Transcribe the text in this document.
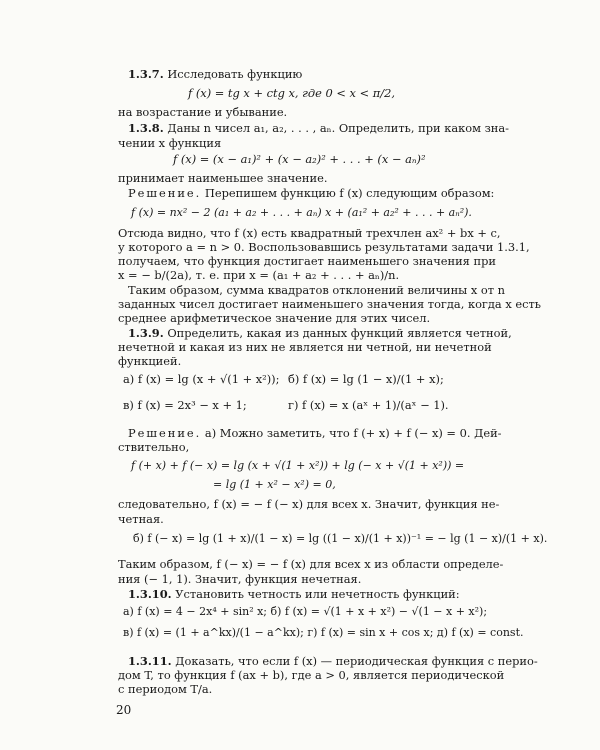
1.3.7. Исследовать функцию
f (x) = tg x + ctg x, где 0 < x < π/2,
на возрастание и убывание.
1.3.8. Даны n чисел a₁, a₂, . . . , aₙ. Определить, при каком зна-
чении x функция
f (x) = (x − a₁)² + (x − a₂)² + . . . + (x − aₙ)²
принимает наименьшее значение.
Решение. Перепишем функцию f (x) следующим образом:
f (x) = nx² − 2 (a₁ + a₂ + . . . + aₙ) x + (a₁² + a₂² + . . . + aₙ²).
Отсюда видно, что f (x) есть квадратный трехчлен ax² + bx + c,
у которого a = n > 0. Воспользовавшись результатами задачи 1.3.1,
получаем, что функция достигает наименьшего значения при
x = − b/(2a), т. е. при x = (a₁ + a₂ + . . . + aₙ)/n.
Таким образом, сумма квадратов отклонений величины x от n
заданных чисел достигает наименьшего значения тогда, когда x есть
среднее арифметическое значение для этих чисел.
1.3.9. Определить, какая из данных функций является четной,
нечетной и какая из них не является ни четной, ни нечетной
функцией.
а) f (x) = lg (x + √(1 + x²)); б) f (x) = lg (1 − x)/(1 + x);
в) f (x) = 2x³ − x + 1;	г) f (x) = x (aˣ + 1)/(aˣ − 1).
Решение. а) Можно заметить, что f (+ x) + f (− x) = 0. Дей-
ствительно,
f (+ x) + f (− x) = lg (x + √(1 + x²)) + lg (− x + √(1 + x²)) =
= lg (1 + x² − x²) = 0,
следовательно, f (x) = − f (− x) для всех x. Значит, функция не-
четная.
б) f (− x) = lg (1 + x)/(1 − x) = lg ((1 − x)/(1 + x))⁻¹ = − lg (1 − x)/(1 + x).
Таким образом, f (− x) = − f (x) для всех x из области определе-
ния (− 1, 1). Значит, функция нечетная.
1.3.10. Установить четность или нечетность функций:
а) f (x) = 4 − 2x⁴ + sin² x; б) f (x) = √(1 + x + x²) − √(1 − x + x²);
в) f (x) = (1 + a^kx)/(1 − a^kx); г) f (x) = sin x + cos x; д) f (x) = const.
1.3.11. Доказать, что если f (x) — периодическая функция с перио-
дом T, то функция f (ax + b), где a > 0, является периодической
с периодом T/a.
20
